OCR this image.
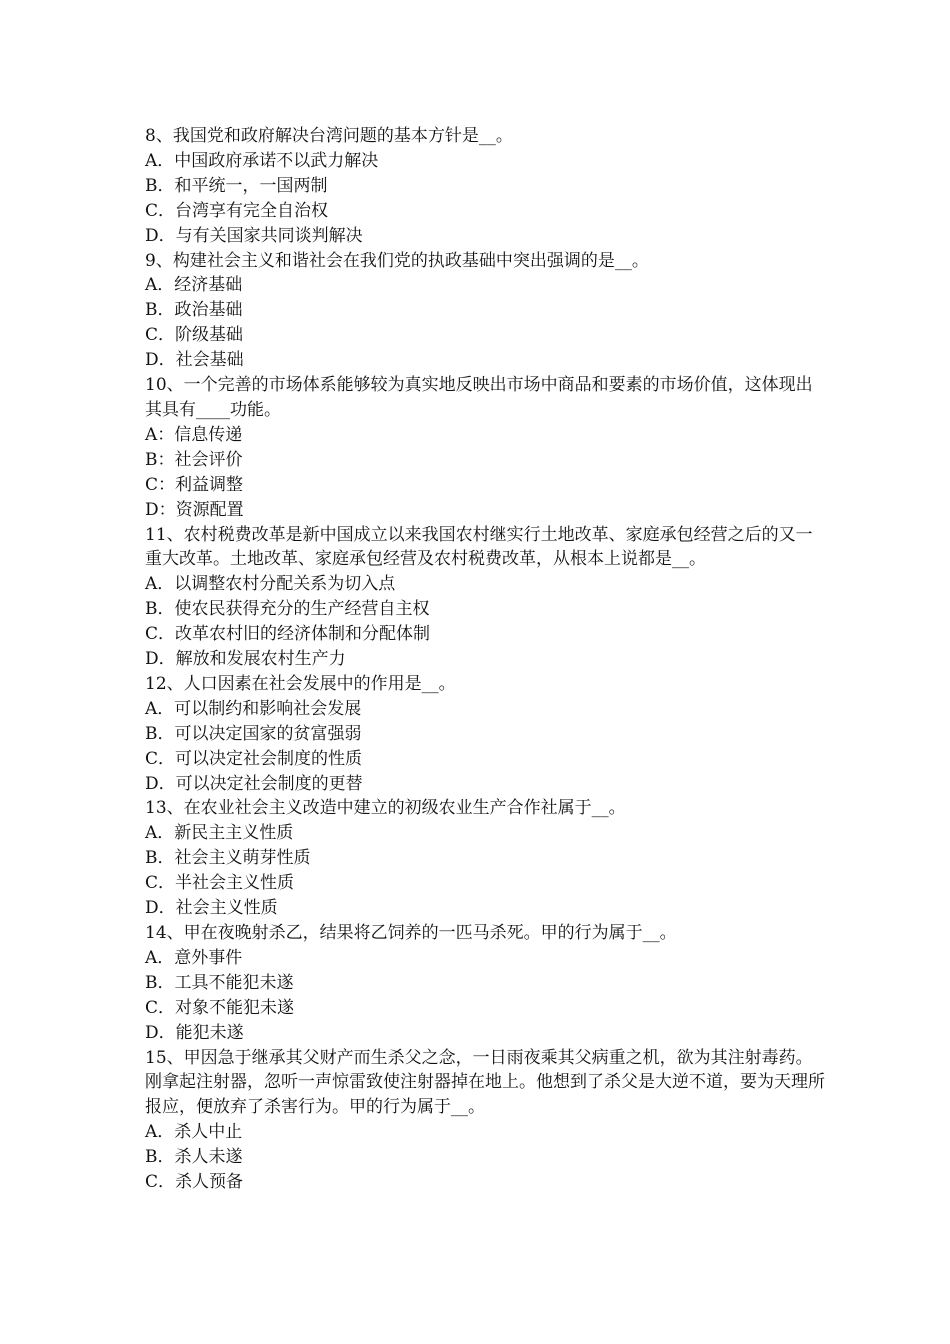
8、我国党和政府解决台湾问题的基本方针是__。

A．中国政府承诺不以武力解决

B．和平统一，一国两制

C．台湾享有完全自治权

D．与有关国家共同谈判解决

9、构建社会主义和谐社会在我们党的执政基础中突出强调的是__。

A．经济基础

B．政治基础

C．阶级基础

D．社会基础

10、一个完善的市场体系能够较为真实地反映出市场中商品和要素的市场价值，这体现出其具有____功能。

A：信息传递

B：社会评价

C：利益调整

D：资源配置

11、农村税费改革是新中国成立以来我国农村继实行土地改革、家庭承包经营之后的又一重大改革。土地改革、家庭承包经营及农村税费改革，从根本上说都是__。

A．以调整农村分配关系为切入点

B．使农民获得充分的生产经营自主权

C．改革农村旧的经济体制和分配体制

D．解放和发展农村生产力

12、人口因素在社会发展中的作用是__。

A．可以制约和影响社会发展

B．可以决定国家的贫富强弱

C．可以决定社会制度的性质

D．可以决定社会制度的更替

13、在农业社会主义改造中建立的初级农业生产合作社属于__。

A．新民主主义性质

B．社会主义萌芽性质

C．半社会主义性质

D．社会主义性质

14、甲在夜晚射杀乙，结果将乙饲养的一匹马杀死。甲的行为属于__。

A．意外事件

B．工具不能犯未遂

C．对象不能犯未遂

D．能犯未遂

15、甲因急于继承其父财产而生杀父之念，一日雨夜乘其父病重之机，欲为其注射毒药。刚拿起注射器，忽听一声惊雷致使注射器掉在地上。他想到了杀父是大逆不道，要为天理所报应，便放弃了杀害行为。甲的行为属于__。

A．杀人中止

B．杀人未遂

C．杀人预备
